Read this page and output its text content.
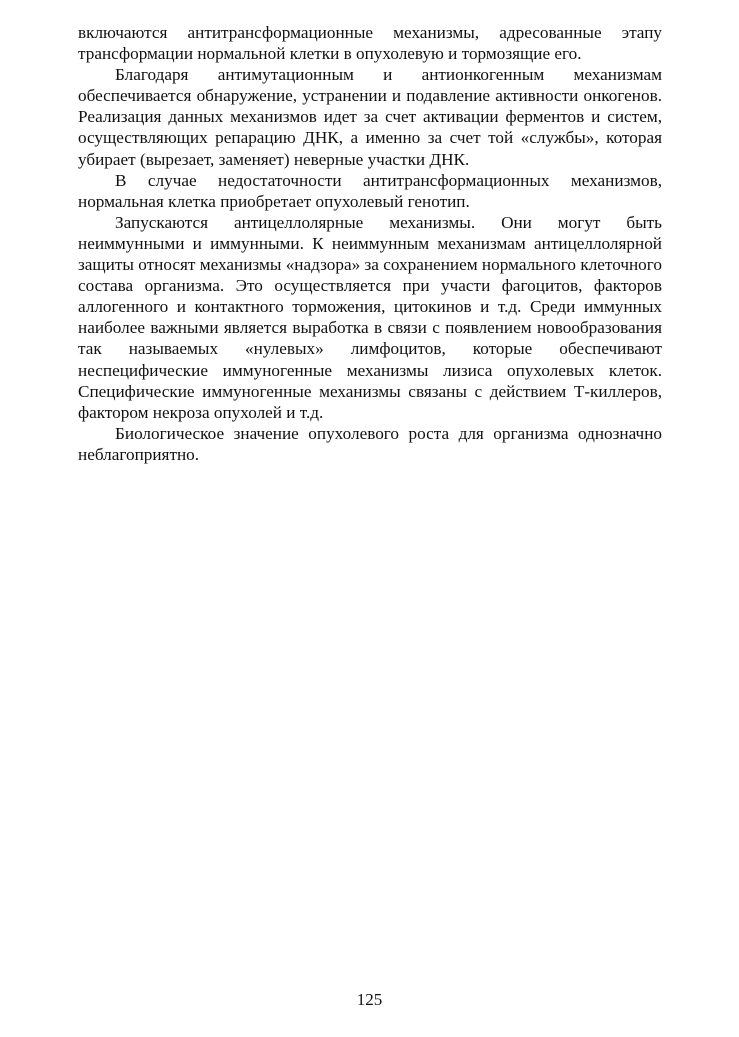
включаются антитрансформационные механизмы, адресованные этапу трансформации нормальной клетки в опухолевую и тормозящие его.

Благодаря антимутационным и антионкогенным механизмам обеспечивается обнаружение, устранении и подавление активности онкогенов. Реализация данных механизмов идет за счет активации ферментов и систем, осуществляющих репарацию ДНК, а именно за счет той «службы», которая убирает (вырезает, заменяет) неверные участки ДНК.

В случае недостаточности антитрансформационных механизмов, нормальная клетка приобретает опухолевый генотип.

Запускаются антицеллолярные механизмы. Они могут быть неиммунными и иммунными. К неиммунным механизмам антицеллолярной защиты относят механизмы «надзора» за сохранением нормального клеточного состава организма. Это осуществляется при участи фагоцитов, факторов аллогенного и контактного торможения, цитокинов и т.д. Среди иммунных наиболее важными является выработка в связи с появлением новообразования так называемых «нулевых» лимфоцитов, которые обеспечивают неспецифические иммуногенные механизмы лизиса опухолевых клеток. Специфические иммуногенные механизмы связаны с действием Т-киллеров, фактором некроза опухолей и т.д.

Биологическое значение опухолевого роста для организма однозначно неблагоприятно.

125
